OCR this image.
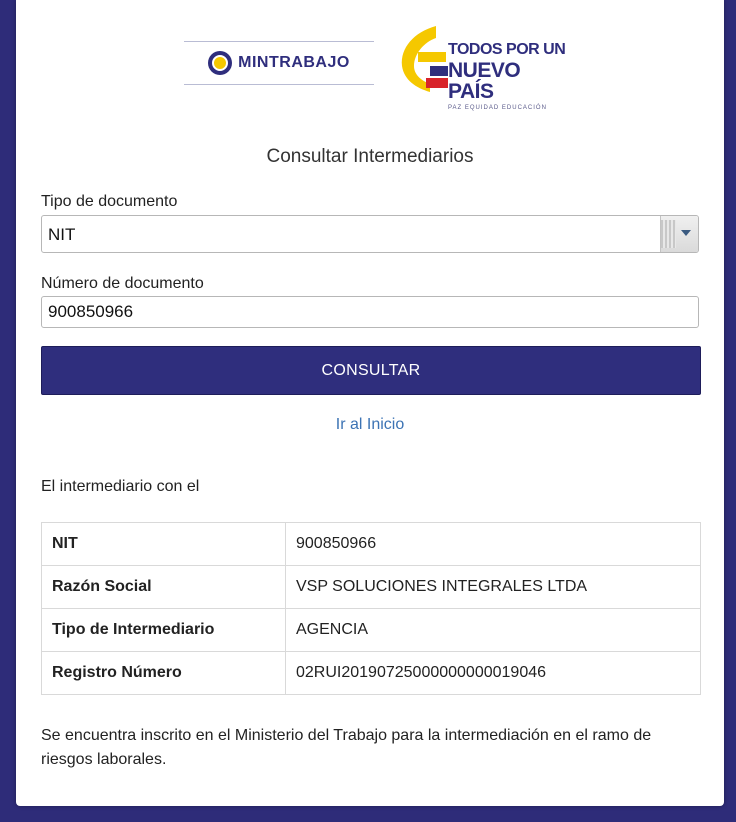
MINTRABAJO
TODOS POR UN
NUEVO PAÍS
PAZ EQUIDAD EDUCACIÓN
Consultar Intermediarios
Tipo de documento
NIT
Número de documento
900850966
CONSULTAR
Ir al Inicio
El intermediario con el
NIT	900850966
Razón Social	VSP SOLUCIONES INTEGRALES LTDA
Tipo de Intermediario	AGENCIA
Registro Número	02RUI20190725000000000019046
Se encuentra inscrito en el Ministerio del Trabajo para la intermediación en el ramo de riesgos laborales.
